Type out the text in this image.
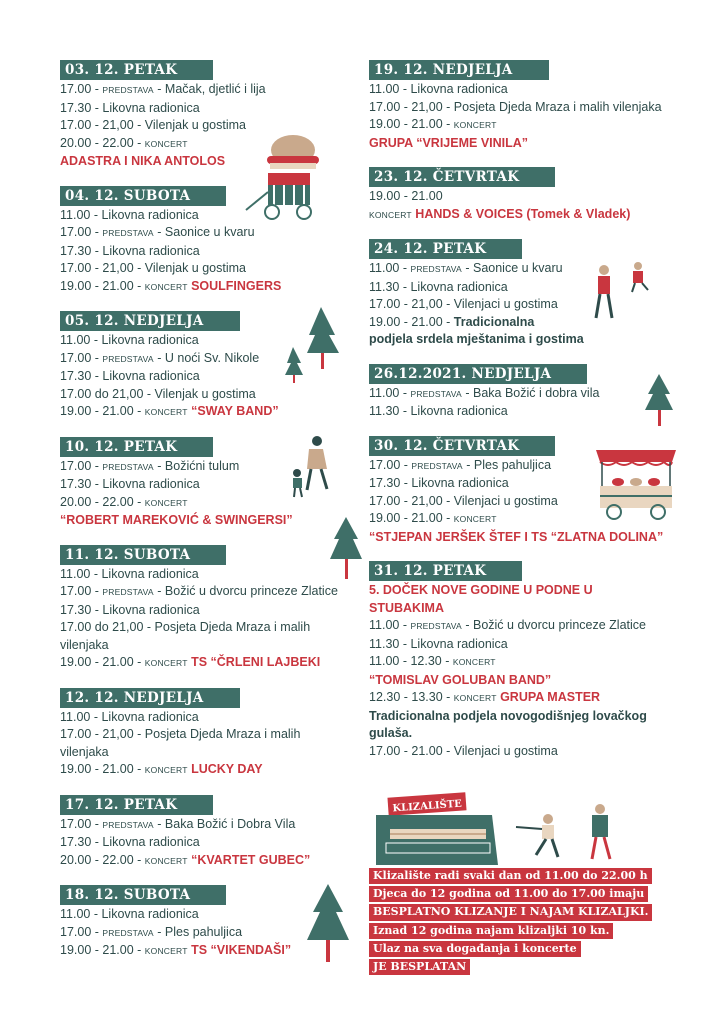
03. 12. PETAK
17.00 - PREDSTAVA - Mačak, djetlić i lija
17.30 - Likovna radionica
17.00 - 21,00 - Vilenjak u gostima
20.00 - 22.00 - KONCERT
ADASTRA I NIKA ANTOLOS
04. 12. SUBOTA
11.00 - Likovna radionica
17.00 - PREDSTAVA - Saonice u kvaru
17.30 - Likovna radionica
17.00 - 21,00 - Vilenjak u gostima
19.00 - 21.00 - KONCERT SOULFINGERS
05. 12. NEDJELJA
11.00 - Likovna radionica
17.00 - PREDSTAVA - U noći Sv. Nikole
17.30 - Likovna radionica
17.00 do 21,00 - Vilenjak u gostima
19.00 - 21.00 - KONCERT “SWAY BAND”
10. 12. PETAK
17.00 - PREDSTAVA - Božićni tulum
17.30 - Likovna radionica
20.00 - 22.00 - KONCERT
“ROBERT MAREKOVIĆ & SWINGERSI”
11. 12. SUBOTA
11.00 - Likovna radionica
17.00 - PREDSTAVA - Božić u dvorcu princeze Zlatice
17.30 - Likovna radionica
17.00 do 21,00 - Posjeta Djeda Mraza i malih vilenjaka
19.00 - 21.00 - KONCERT TS “ČRLENI LAJBEKI
12. 12. NEDJELJA
11.00 - Likovna radionica
17.00 - 21,00 - Posjeta Djeda Mraza i malih vilenjaka
19.00 - 21.00 - KONCERT LUCKY DAY
17. 12. PETAK
17.00 - PREDSTAVA - Baka Božić i Dobra Vila
17.30 - Likovna radionica
20.00 - 22.00 - KONCERT “KVARTET GUBEC”
18. 12. SUBOTA
11.00 - Likovna radionica
17.00 - PREDSTAVA - Ples pahuljica
19.00 - 21.00 - KONCERT TS “VIKENDAŠI”
19. 12. NEDJELJA
11.00 - Likovna radionica
17.00 - 21,00 - Posjeta Djeda Mraza i malih vilenjaka
19.00 - 21.00 - KONCERT
GRUPA “VRIJEME VINILA”
23. 12. ČETVRTAK
19.00 - 21.00
KONCERT HANDS & VOICES (Tomek & Vladek)
24. 12. PETAK
11.00 - PREDSTAVA - Saonice u kvaru
11.30 - Likovna radionica
17.00 - 21,00 - Vilenjaci u gostima
19.00 - 21.00 - Tradicionalna
podjela srdela mještanima i gostima
26.12.2021. NEDJELJA
11.00 - PREDSTAVA - Baka Božić i dobra vila
11.30 - Likovna radionica
30. 12. ČETVRTAK
17.00 - PREDSTAVA - Ples pahuljica
17.30 - Likovna radionica
17.00 - 21,00 - Vilenjaci u gostima
19.00 - 21.00 - KONCERT
“STJEPAN JERŠEK ŠTEF I TS “ZLATNA DOLINA”
31. 12. PETAK
5. DOČEK NOVE GODINE U PODNE U STUBAKIMA
11.00 - PREDSTAVA - Božić u dvorcu princeze Zlatice
11.30 - Likovna radionica
11.00 - 12.30 - KONCERT
“TOMISLAV GOLUBAN BAND”
12.30 - 13.30 - KONCERT GRUPA MASTER
Tradicionalna podjela novogodišnjeg lovačkog gulaša.
17.00 - 21.00 - Vilenjaci u gostima
KLIZALIŠTE
Klizalište radi svaki dan od 11.00 do 22.00 h
Djeca do 12 godina od 11.00 do 17.00 imaju
BESPLATNO KLIZANJE I NAJAM KLIZALJKI.
Iznad 12 godina najam klizaljki 10 kn.
Ulaz na sva događanja i koncerte
JE BESPLATAN
